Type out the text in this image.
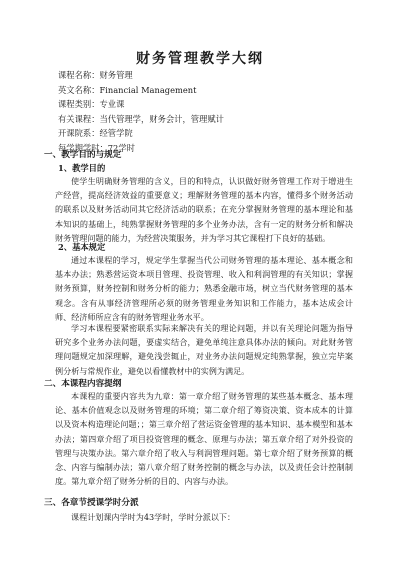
财务管理教学大纲
课程名称：财务管理
英文名称：Financial Management
课程类别：专业课
有关课程：当代管理学，财务会计，管理赋计
开课院系：经管学院
每学期学时：72学时
一、教学目的与规定
1、教学目的
使学生明确财务管理的含义，目的和特点，认识做好财务管理工作对于增进生产经营，提高经济效益的重要意义；理解财务管理的基本内容，懂得多个财务活动的联系以及财务活动同其它经济活动的联系；在充分掌握财务管理的基本理论和基本知识的基础上，纯熟掌握财务管理的多个业务办法，含有一定的财务分析和解决财务管理问题的能力，为经营决策服务，并为学习其它课程打下良好的基础。
2、基本规定
通过本课程的学习，规定学生掌握当代公司财务管理的基本理论、基本概念和基本办法；熟悉营运资本项目管理、投资管理、收入和利润管理的有关知识；掌握财务预算，财务控制和财务分析的能力；熟悉金融市场，树立当代财务管理的基本观念。含有从事经济管理所必须的财务管理业务知识和工作能力，基本达成会计师、经济师所应含有的财务管理业务水平。
学习本课程要紧密联系实际来解决有关的理论问题，并以有关理论问题为指导研究多个业务办法问题，要虚实结合，避免单纯注意具体办法的倾向。对此财务管理问题规定加深理解，避免浅尝辄止，对业务办法问题规定纯熟掌握，独立完毕案例分析与常规作业，避免以看懂教材中的实例为满足。
二、本课程内容提纲
本课程的重要内容共为九章：第一章介绍了财务管理的某些基本概念、基本理论、基本价值观念以及财务管理的环境；第二章介绍了筹资决策、资本成本的计算以及资本构造理论问题；；第三章介绍了营运资金管理的基本知识、基本模型和基本办法；第四章介绍了项目投资管理的概念、原理与办法；第五章介绍了对外投资的管理与决策办法。第六章介绍了收入与利润管理问题。第七章介绍了财务预算的概念、内容与编制办法；第八章介绍了财务控制的概念与办法，以及责任会计控制制度。第九章介绍了财务分析的目的、内容与办法。
三、各章节授课学时分派
课程计划课内学时为43学时，学时分派以下：
